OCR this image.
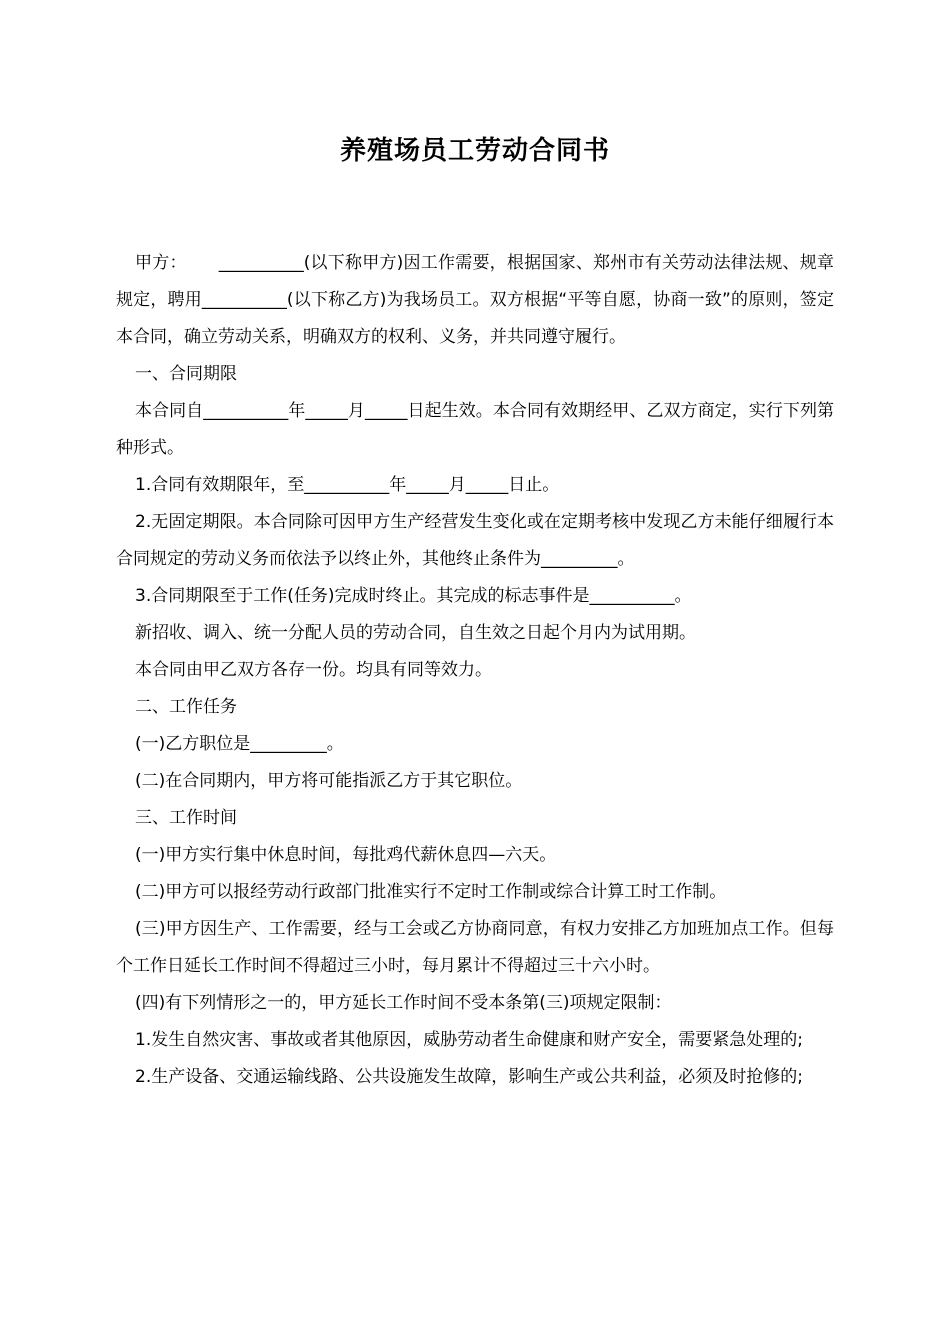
养殖场员工劳动合同书

甲方： __________(以下称甲方)因工作需要，根据国家、郑州市有关劳动法律法规、规章规定，聘用__________(以下称乙方)为我场员工。双方根据“平等自愿，协商一致”的原则，签定本合同，确立劳动关系，明确双方的权利、义务，并共同遵守履行。

一、合同期限

本合同自__________年_____月_____日起生效。本合同有效期经甲、乙双方商定，实行下列第种形式。

1.合同有效期限年，至__________年_____月_____日止。

2.无固定期限。本合同除可因甲方生产经营发生变化或在定期考核中发现乙方未能仔细履行本合同规定的劳动义务而依法予以终止外，其他终止条件为_________。

3.合同期限至于工作(任务)完成时终止。其完成的标志事件是__________。

新招收、调入、统一分配人员的劳动合同，自生效之日起个月内为试用期。

本合同由甲乙双方各存一份。均具有同等效力。

二、工作任务

(一)乙方职位是_________。

(二)在合同期内，甲方将可能指派乙方于其它职位。

三、工作时间

(一)甲方实行集中休息时间，每批鸡代薪休息四—六天。

(二)甲方可以报经劳动行政部门批准实行不定时工作制或综合计算工时工作制。

(三)甲方因生产、工作需要，经与工会或乙方协商同意，有权力安排乙方加班加点工作。但每个工作日延长工作时间不得超过三小时，每月累计不得超过三十六小时。

(四)有下列情形之一的，甲方延长工作时间不受本条第(三)项规定限制：

1.发生自然灾害、事故或者其他原因，威胁劳动者生命健康和财产安全，需要紧急处理的;

2.生产设备、交通运输线路、公共设施发生故障，影响生产或公共利益，必须及时抢修的;
